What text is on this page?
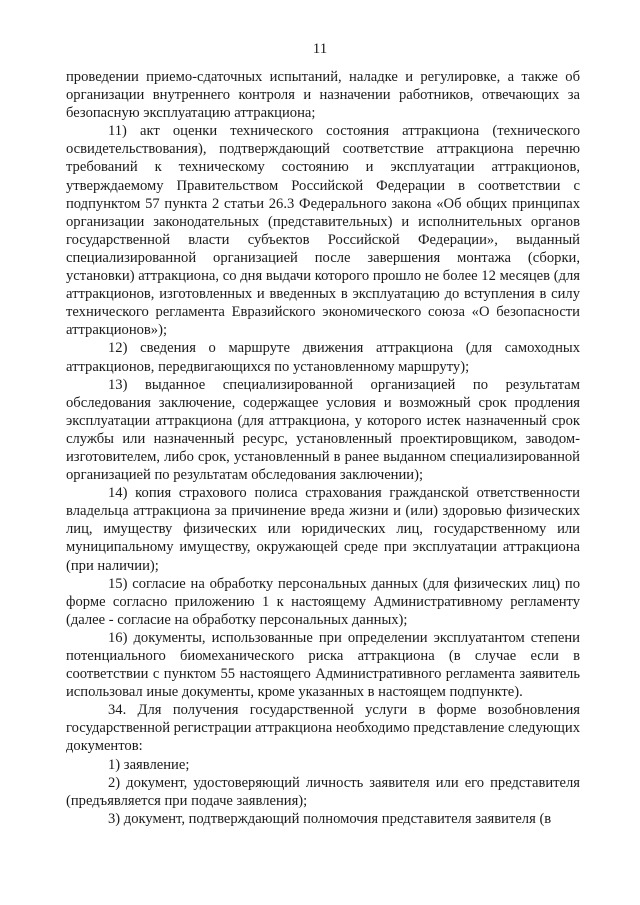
11

проведении приемо-сдаточных испытаний, наладке и регулировке, а также об организации внутреннего контроля и назначении работников, отвечающих за безопасную эксплуатацию аттракциона;

11) акт оценки технического состояния аттракциона (технического освидетельствования), подтверждающий соответствие аттракциона перечню требований к техническому состоянию и эксплуатации аттракционов, утверждаемому Правительством Российской Федерации в соответствии с подпунктом 57 пункта 2 статьи 26.3 Федерального закона «Об общих принципах организации законодательных (представительных) и исполнительных органов государственной власти субъектов Российской Федерации», выданный специализированной организацией после завершения монтажа (сборки, установки) аттракциона, со дня выдачи которого прошло не более 12 месяцев (для аттракционов, изготовленных и введенных в эксплуатацию до вступления в силу технического регламента Евразийского экономического союза «О безопасности аттракционов»);

12) сведения о маршруте движения аттракциона (для самоходных аттракционов, передвигающихся по установленному маршруту);

13) выданное специализированной организацией по результатам обследования заключение, содержащее условия и возможный срок продления эксплуатации аттракциона (для аттракциона, у которого истек назначенный срок службы или назначенный ресурс, установленный проектировщиком, заводом-изготовителем, либо срок, установленный в ранее выданном специализированной организацией по результатам обследования заключении);

14) копия страхового полиса страхования гражданской ответственности владельца аттракциона за причинение вреда жизни и (или) здоровью физических лиц, имуществу физических или юридических лиц, государственному или муниципальному имуществу, окружающей среде при эксплуатации аттракциона (при наличии);

15) согласие на обработку персональных данных (для физических лиц) по форме согласно приложению 1 к настоящему Административному регламенту (далее - согласие на обработку персональных данных);

16) документы, использованные при определении эксплуатантом степени потенциального биомеханического риска аттракциона (в случае если в соответствии с пунктом 55 настоящего Административного регламента заявитель использовал иные документы, кроме указанных в настоящем подпункте).

34. Для получения государственной услуги в форме возобновления государственной регистрации аттракциона необходимо представление следующих документов:

1) заявление;

2) документ, удостоверяющий личность заявителя или его представителя (предъявляется при подаче заявления);

3) документ, подтверждающий полномочия представителя заявителя (в
